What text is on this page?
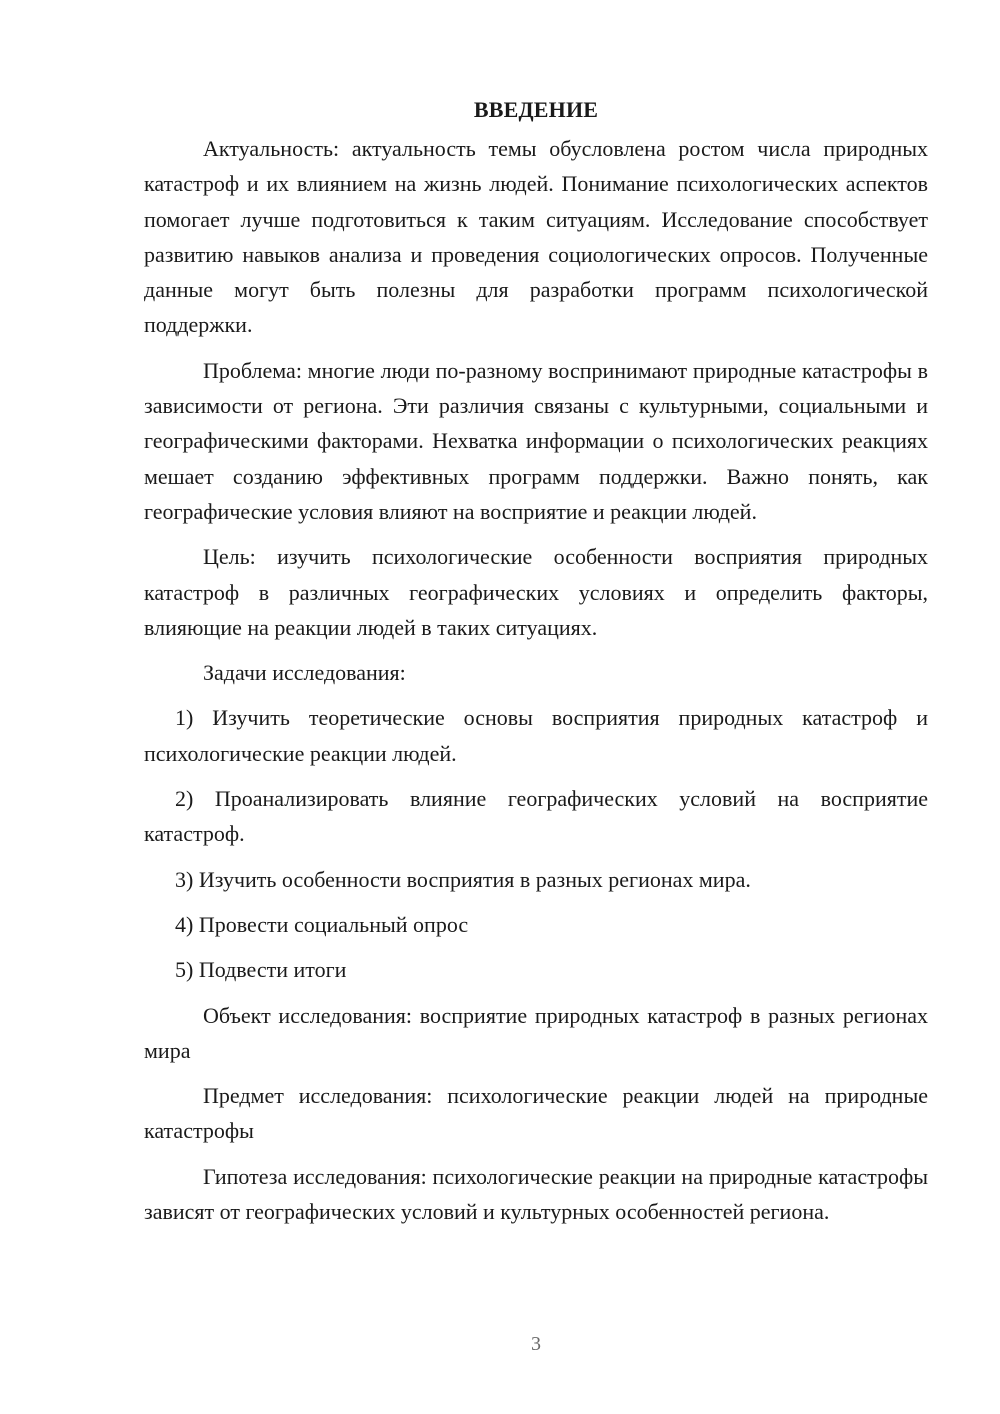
ВВЕДЕНИЕ

Актуальность: актуальность темы обусловлена ростом числа природных катастроф и их влиянием на жизнь людей. Понимание психологических аспектов помогает лучше подготовиться к таким ситуациям. Исследование способствует развитию навыков анализа и проведения социологических опросов. Полученные данные могут быть полезны для разработки программ психологической поддержки.

Проблема: многие люди по-разному воспринимают природные катастрофы в зависимости от региона. Эти различия связаны с культурными, социальными и географическими факторами. Нехватка информации о психологических реакциях мешает созданию эффективных программ поддержки. Важно понять, как географические условия влияют на восприятие и реакции людей.

Цель: изучить психологические особенности восприятия природных катастроф в различных географических условиях и определить факторы, влияющие на реакции людей в таких ситуациях.

Задачи исследования:

1) Изучить теоретические основы восприятия природных катастроф и психологические реакции людей.

2) Проанализировать влияние географических условий на восприятие катастроф.

3) Изучить особенности восприятия в разных регионах мира.

4) Провести социальный опрос

5) Подвести итоги

Объект исследования: восприятие природных катастроф в разных регионах мира

Предмет исследования: психологические реакции людей на природные катастрофы

Гипотеза исследования: психологические реакции на природные катастрофы зависят от географических условий и культурных особенностей региона.

3
